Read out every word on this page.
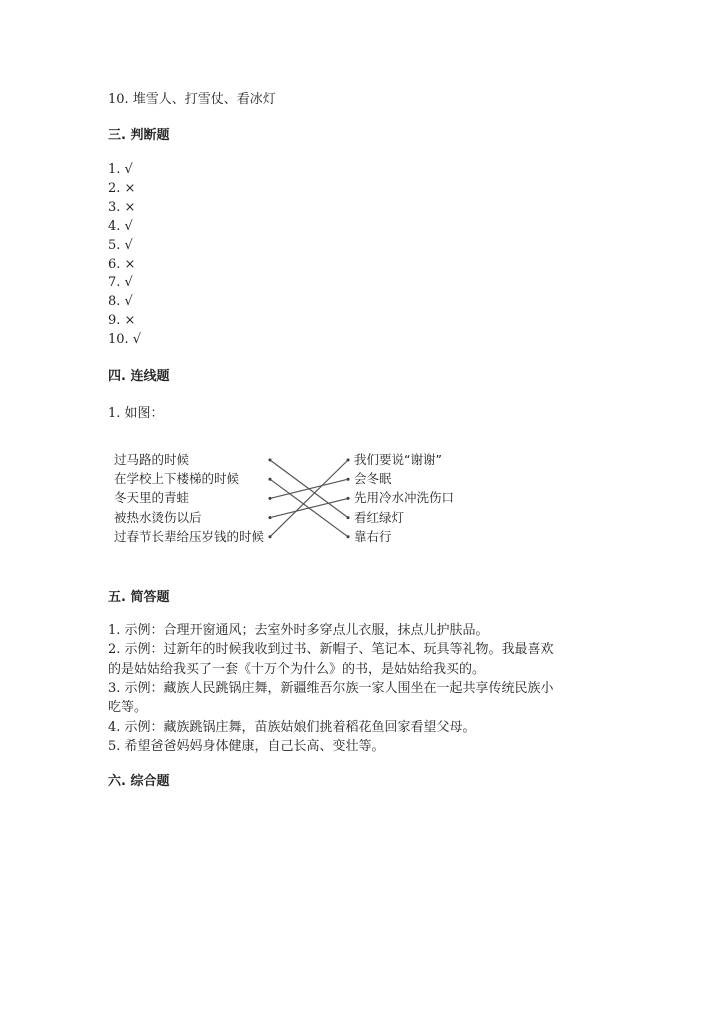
10. 堆雪人、打雪仗、看冰灯
三. 判断题
1. √
2. ×
3. ×
4. √
5. √
6. ×
7. √
8. √
9. ×
10. √
四. 连线题
1. 如图：
过马路的时候
在学校上下楼梯的时候
冬天里的青蛙
被热水烫伤以后
过春节长辈给压岁钱的时候
我们要说“谢谢”
会冬眠
先用冷水冲洗伤口
看红绿灯
靠右行
五. 简答题
1. 示例：合理开窗通风；去室外时多穿点儿衣服，抹点儿护肤品。
2. 示例：过新年的时候我收到过书、新帽子、笔记本、玩具等礼物。我最喜欢
的是姑姑给我买了一套《十万个为什么》的书，是姑姑给我买的。
3. 示例：藏族人民跳锅庄舞，新疆维吾尔族一家人围坐在一起共享传统民族小
吃等。
4. 示例：藏族跳锅庄舞，苗族姑娘们挑着稻花鱼回家看望父母。
5. 希望爸爸妈妈身体健康，自己长高、变壮等。
六. 综合题
